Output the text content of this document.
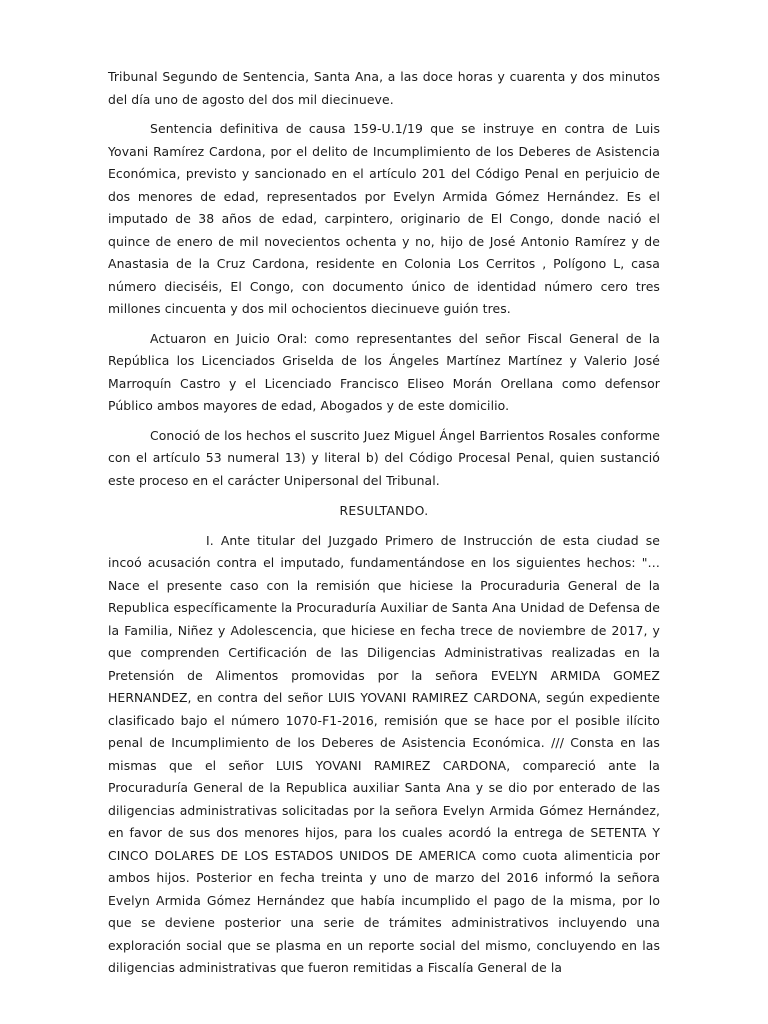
Tribunal Segundo de Sentencia, Santa Ana, a las doce horas y cuarenta y dos minutos del día uno de agosto del dos mil diecinueve.

Sentencia definitiva de causa 159-U.1/19 que se instruye en contra de Luis Yovani Ramírez Cardona, por el delito de Incumplimiento de los Deberes de Asistencia Económica, previsto y sancionado en el artículo 201 del Código Penal en perjuicio de dos menores de edad, representados por Evelyn Armida Gómez Hernández. Es el imputado de 38 años de edad, carpintero, originario de El Congo, donde nació el quince de enero de mil novecientos ochenta y no, hijo de José Antonio Ramírez y de Anastasia de la Cruz Cardona, residente en Colonia Los Cerritos , Polígono L, casa número dieciséis, El Congo, con documento único de identidad número cero tres millones cincuenta y dos mil ochocientos diecinueve guión tres.

Actuaron en Juicio Oral: como representantes del señor Fiscal General de la República los Licenciados Griselda de los Ángeles Martínez Martínez y Valerio José Marroquín Castro y el Licenciado Francisco Eliseo Morán Orellana como defensor Público ambos mayores de edad, Abogados y de este domicilio.

Conoció de los hechos el suscrito Juez Miguel Ángel Barrientos Rosales conforme con el artículo 53 numeral 13) y literal b) del Código Procesal Penal, quien sustanció este proceso en el carácter Unipersonal del Tribunal.

RESULTANDO.

I. Ante titular del Juzgado Primero de Instrucción de esta ciudad se incoó acusación contra el imputado, fundamentándose en los siguientes hechos: "…Nace el presente caso con la remisión que hiciese la Procuraduria General de la Republica específicamente la Procuraduría Auxiliar de Santa Ana Unidad de Defensa de la Familia, Niñez y Adolescencia, que hiciese en fecha trece de noviembre de 2017, y que comprenden Certificación de las Diligencias Administrativas realizadas en la Pretensión de Alimentos promovidas por la señora EVELYN ARMIDA GOMEZ HERNANDEZ, en contra del señor LUIS YOVANI RAMIREZ CARDONA, según expediente clasificado bajo el número 1070-F1-2016, remisión que se hace por el posible ilícito penal de Incumplimiento de los Deberes de Asistencia Económica. /// Consta en las mismas que el señor LUIS YOVANI RAMIREZ CARDONA, compareció ante la Procuraduría General de la Republica auxiliar Santa Ana y se dio por enterado de las diligencias administrativas solicitadas por la señora Evelyn Armida Gómez Hernández, en favor de sus dos menores hijos, para los cuales acordó la entrega de SETENTA Y CINCO DOLARES DE LOS ESTADOS UNIDOS DE AMERICA como cuota alimenticia por ambos hijos. Posterior en fecha treinta y uno de marzo del 2016 informó la señora Evelyn Armida Gómez Hernández que había incumplido el pago de la misma, por lo que se deviene posterior una serie de trámites administrativos incluyendo una exploración social que se plasma en un reporte social del mismo, concluyendo en las diligencias administrativas que fueron remitidas a Fiscalía General de la
